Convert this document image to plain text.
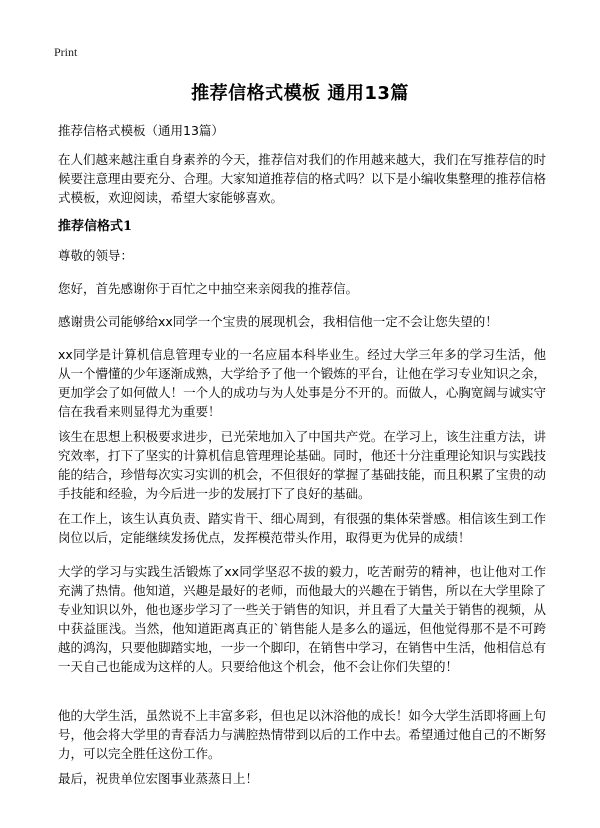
Print
推荐信格式模板 通用13篇
推荐信格式模板（通用13篇）
在人们越来越注重自身素养的今天，推荐信对我们的作用越来越大，我们在写推荐信的时候要注意理由要充分、合理。大家知道推荐信的格式吗？以下是小编收集整理的推荐信格式模板，欢迎阅读，希望大家能够喜欢。
推荐信格式1
尊敬的领导：
您好，首先感谢你于百忙之中抽空来亲阅我的推荐信。
感谢贵公司能够给xx同学一个宝贵的展现机会，我相信他一定不会让您失望的！
xx同学是计算机信息管理专业的一名应届本科毕业生。经过大学三年多的学习生活，他从一个懵懂的少年逐渐成熟，大学给予了他一个锻炼的平台，让他在学习专业知识之余，更加学会了如何做人！一个人的成功与为人处事是分不开的。而做人，心胸宽阔与诚实守信在我看来则显得尤为重要！
该生在思想上积极要求进步，已光荣地加入了中国共产党。在学习上，该生注重方法，讲究效率，打下了坚实的计算机信息管理理论基础。同时，他还十分注重理论知识与实践技能的结合，珍惜每次实习实训的机会，不但很好的掌握了基础技能，而且积累了宝贵的动手技能和经验，为今后进一步的发展打下了良好的基础。
在工作上，该生认真负责、踏实肯干、细心周到，有很强的集体荣誉感。相信该生到工作岗位以后，定能继续发扬优点，发挥模范带头作用，取得更为优异的成绩！
大学的学习与实践生活锻炼了xx同学坚忍不拔的毅力，吃苦耐劳的精神，也让他对工作充满了热情。他知道，兴趣是最好的老师，而他最大的兴趣在于销售，所以在大学里除了专业知识以外，他也逐步学习了一些关于销售的知识，并且看了大量关于销售的视频，从中获益匪浅。当然，他知道距离真正的`销售能人是多么的遥远，但他觉得那不是不可跨越的鸿沟，只要他脚踏实地，一步一个脚印，在销售中学习，在销售中生活，他相信总有一天自己也能成为这样的人。只要给他这个机会，他不会让你们失望的！
他的大学生活，虽然说不上丰富多彩，但也足以沐浴他的成长！如今大学生活即将画上句号，他会将大学里的青春活力与满腔热情带到以后的工作中去。希望通过他自己的不断努力，可以完全胜任这份工作。
最后，祝贵单位宏图事业蒸蒸日上！
